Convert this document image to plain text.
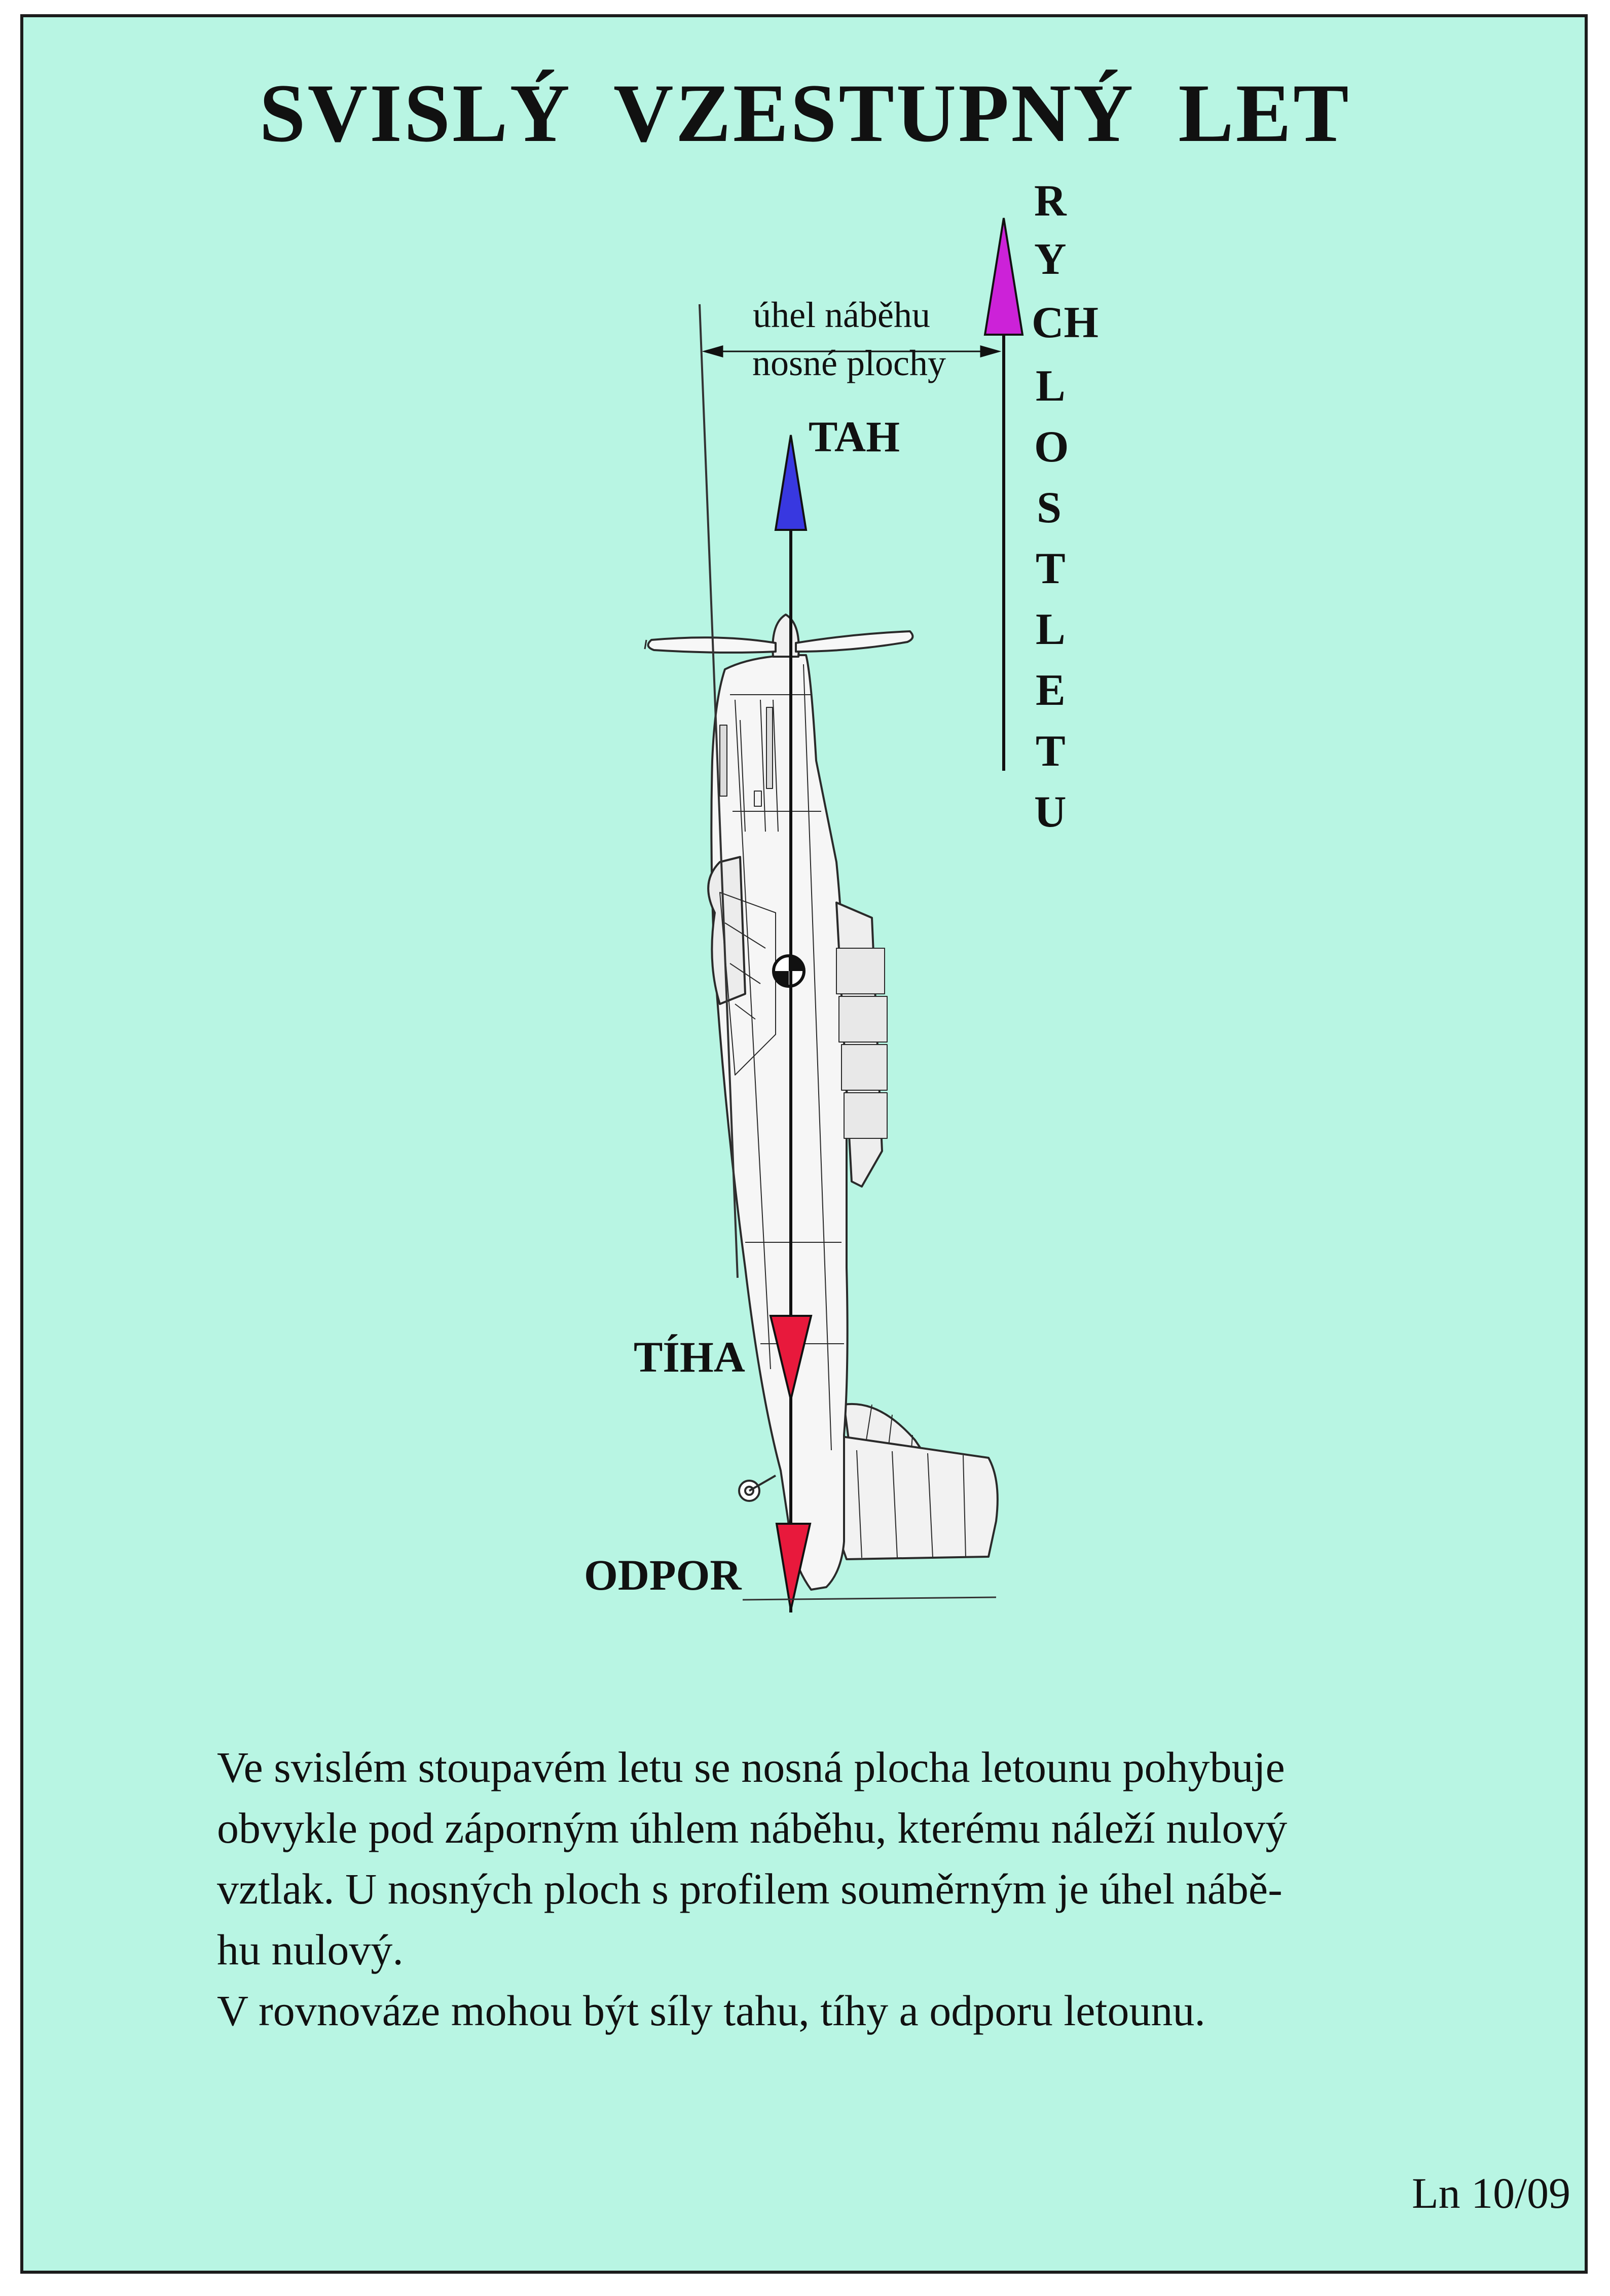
SVISLÝ VZESTUPNÝ LET
TAH
TÍHA
ODPOR
úhel náběhu
nosné plochy
R
Y
CH
L
O
S
T
L
E
T
U

Ve svislém stoupavém letu se nosná plocha letounu pohybuje

obvykle pod záporným úhlem náběhu, kterému náleží nulový

vztlak. U nosných ploch s profilem souměrným je úhel nábě-

hu nulový.

V rovnováze mohou být síly tahu, tíhy a odporu letounu.

Ln 10/09
